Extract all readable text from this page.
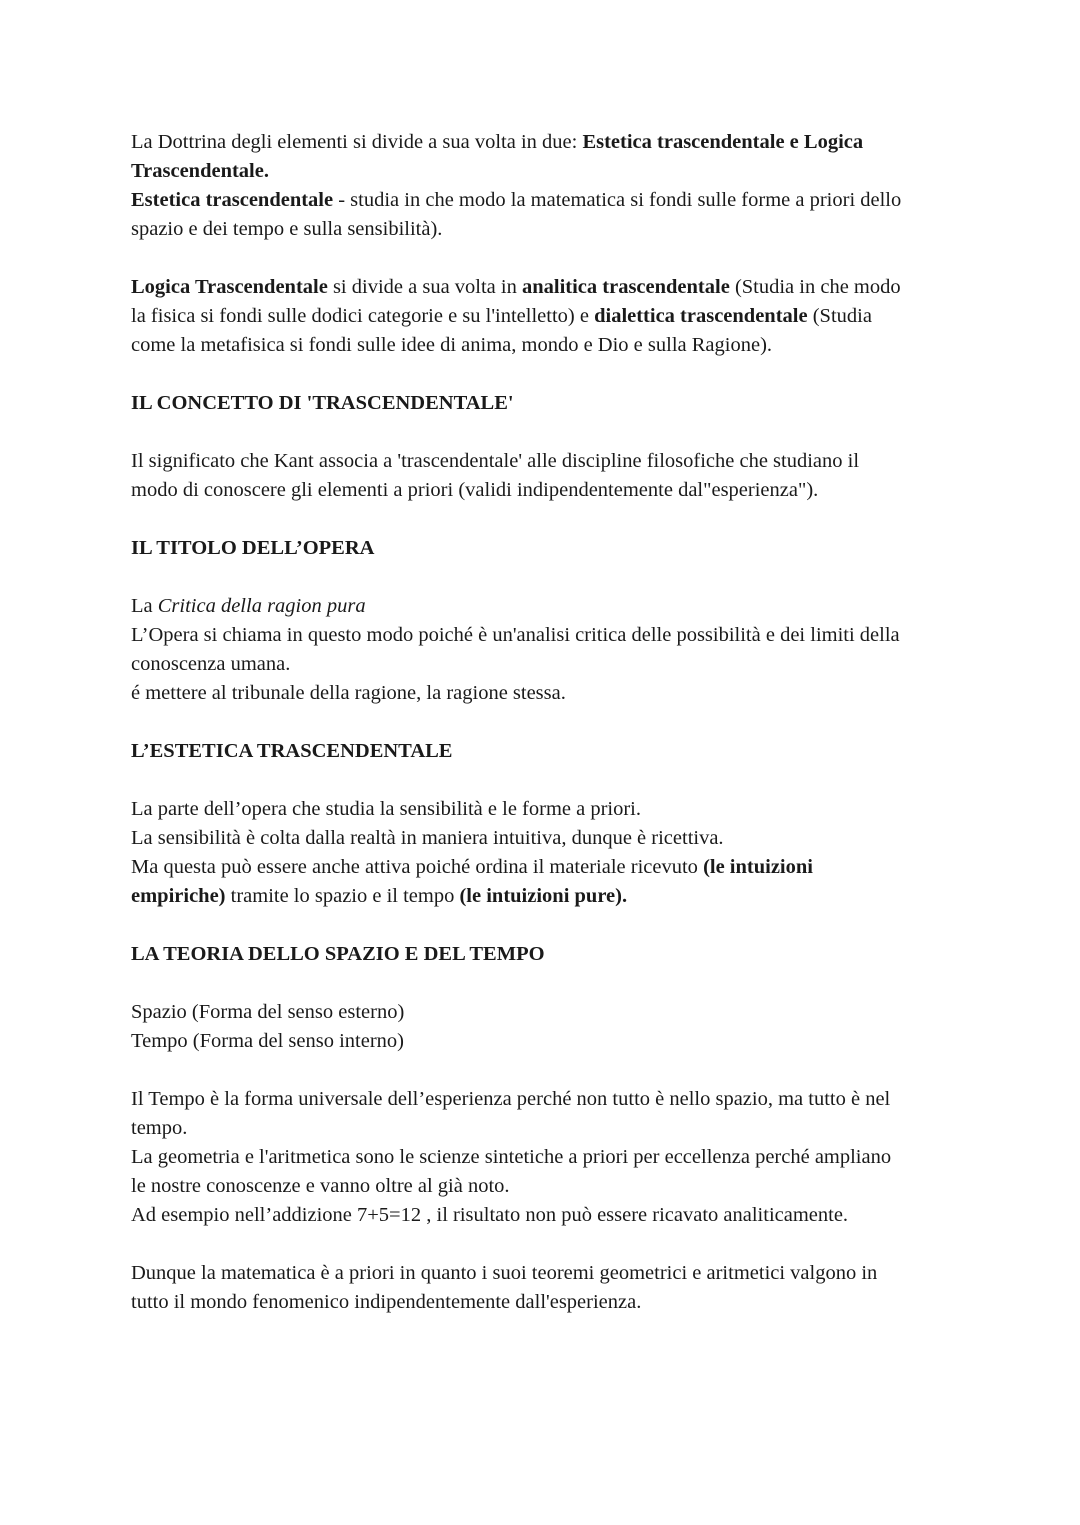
La Dottrina degli elementi si divide a sua volta in due: Estetica trascendentale e Logica
Trascendentale.
Estetica trascendentale - studia in che modo la matematica si fondi sulle forme a priori dello
spazio e dei tempo e sulla sensibilità).
Logica Trascendentale si divide a sua volta in analitica trascendentale (Studia in che modo
la fisica si fondi sulle dodici categorie e su l'intelletto) e dialettica trascendentale (Studia
come la metafisica si fondi sulle idee di anima, mondo e Dio e sulla Ragione).
IL CONCETTO DI 'TRASCENDENTALE'
Il significato che Kant associa a 'trascendentale' alle discipline filosofiche che studiano il
modo di conoscere gli elementi a priori (validi indipendentemente dal"esperienza").
IL TITOLO DELL’OPERA
La Critica della ragion pura
L’Opera si chiama in questo modo poiché è un'analisi critica delle possibilità e dei limiti della
conoscenza umana.
é mettere al tribunale della ragione, la ragione stessa.
L’ESTETICA TRASCENDENTALE
La parte dell’opera che studia la sensibilità e le forme a priori.
La sensibilità è colta dalla realtà in maniera intuitiva, dunque è ricettiva.
Ma questa può essere anche attiva poiché ordina il materiale ricevuto (le intuizioni
empiriche) tramite lo spazio e il tempo (le intuizioni pure).
LA TEORIA DELLO SPAZIO E DEL TEMPO
Spazio (Forma del senso esterno)
Tempo (Forma del senso interno)
Il Tempo è la forma universale dell’esperienza perché non tutto è nello spazio, ma tutto è nel
tempo.
La geometria e l'aritmetica sono le scienze sintetiche a priori per eccellenza perché ampliano
le nostre conoscenze e vanno oltre al già noto.
Ad esempio nell’addizione 7+5=12 , il risultato non può essere ricavato analiticamente.
Dunque la matematica è a priori in quanto i suoi teoremi geometrici e aritmetici valgono in
tutto il mondo fenomenico indipendentemente dall'esperienza.
